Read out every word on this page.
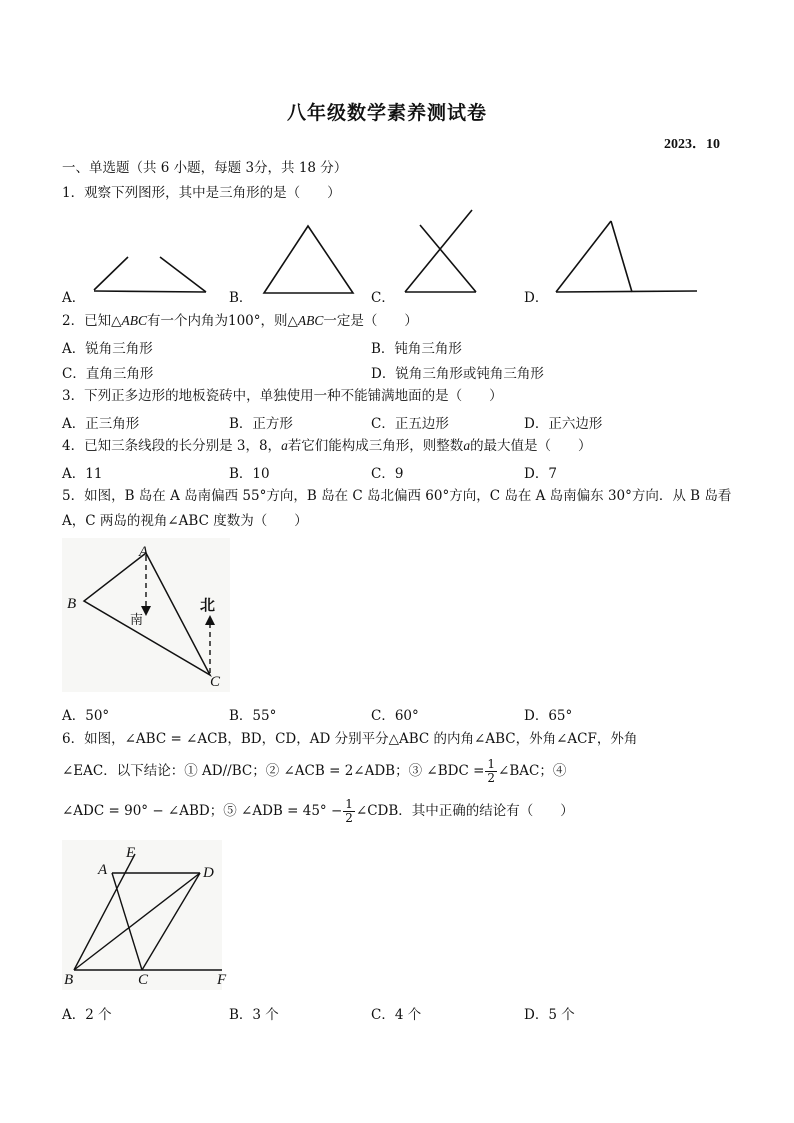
八年级数学素养测试卷
2023．10
一、单选题（共 6 小题，每题 3分，共 18 分）
1．观察下列图形，其中是三角形的是（　　）
A．	B．	C．	D．
2．已知△ABC有一个内角为100°，则△ABC一定是（　　）
A．锐角三角形	B．钝角三角形
C．直角三角形	D．锐角三角形或钝角三角形
3．下列正多边形的地板瓷砖中，单独使用一种不能铺满地面的是（　　）
A．正三角形	B．正方形	C．正五边形	D．正六边形
4．已知三条线段的长分别是 3，8，a若它们能构成三角形，则整数a的最大值是（　　）
A．11	B．10	C．9	D．7
5．如图，B 岛在 A 岛南偏西 55°方向，B 岛在 C 岛北偏西 60°方向，C 岛在 A 岛南偏东 30°方向．从 B 岛看
A，C 两岛的视角∠ABC 度数为（　　）
A
B
C
南
北
A．50°	B．55°	C．60°	D．65°
6．如图，∠ABC = ∠ACB，BD，CD，AD 分别平分△ABC 的内角∠ABC，外角∠ACF，外角
∠EAC．以下结论：① AD//BC；② ∠ACB = 2∠ADB；③ ∠BDC = $\frac{1}{2}$ ∠BAC；④
∠ADC = 90° − ∠ABD；⑤ ∠ADB = $45^\circ - \frac{1}{2}$ ∠CDB．其中正确的结论有（　　）
E
A	D
B	C	F
A．2 个	B．3 个	C．4 个	D．5 个
